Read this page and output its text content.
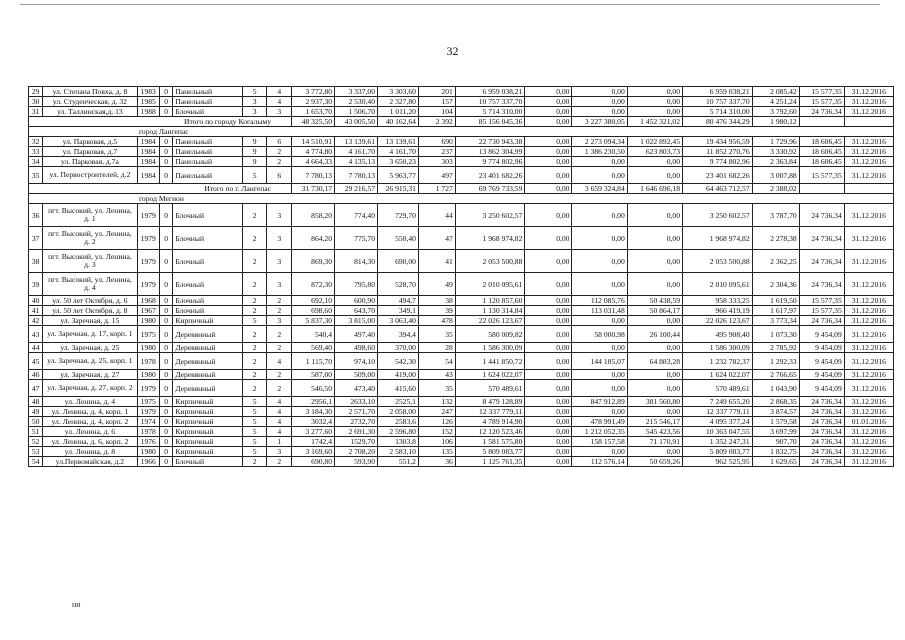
32
29	ул. Степана Повха, д. 8	1983	0	Панельный	5	4	3 772,80	3 337,00	3 303,60	201	6 959 038,21	0,00	0,00	0,00	6 959 038,21	2 085,42	15 577,35	31.12.2016
30	ул. Студенческая, д. 32	1985	0	Панельный	3	4	2 937,30	2 530,40	2 327,80	157	10 757 337,70	0,00	0,00	0,00	10 757 337,70	4 251,24	15 577,35	31.12.2016
31	ул. Таллинская,д. 13	1988	0	Блочный	3	3	1 653,70	1 506,70	1 011,20	104	5 714 310,00	0,00	0,00	0,00	5 714 310,00	3 792,60	24 736,34	31.12.2016
Итого по городу Когалыму							48 325,50	43 005,50	40 162,64	2 392	85 156 045,36	0,00	3 227 380,05	1 452 321,02	80 476 344,29	1 980,12		
город Лангепас																		
32	ул. Парковая, д.5	1984	0	Панельный	9	6	14 510,91	13 139,61	13 139,61	690	22 730 943,38	0,00	2 273 094,34	1 022 892,45	19 434 956,59	1 729,96	18 606,45	31.12.2016
33	ул. Парковая, д.7	1984	0	Панельный	9	2	4 774,80	4 161,70	4 161,70	237	13 862 304,99	0,00	1 386 230,50	623 803,73	11 852 270,76	3 330,92	18 606,45	31.12.2016
34	ул. Парковая, д.7а	1984	0	Панельный	9	2	4 664,33	4 135,13	3 650,23	303	9 774 802,96	0,00	0,00	0,00	9 774 802,96	2 363,84	18 606,45	31.12.2016
35	ул. Первостроителей, д.2	1984	0	Панельный	5	6	7 780,13	7 780,13	5 963,77	497	23 401 682,26	0,00	0,00	0,00	23 401 682,26	3 007,88	15 577,35	31.12.2016
Итого по г. Лангепас							31 730,17	29 216,57	26 915,31	1 727	69 769 733,59	0,00	3 659 324,84	1 646 696,18	64 463 712,57	2 388,02		
город Мегион																		
36	пгт. Высокий, ул. Ленина, д. 1	1979	0	Блочный	2	3	858,20	774,40	729,70	44	3 250 602,57	0,00	0,00	0,00	3 250 602,57	3 787,70	24 736,34	31.12.2016
37	пгт. Высокий, ул. Ленина, д. 2	1979	0	Блочный	2	3	864,20	775,70	550,40	47	1 968 974,82	0,00	0,00	0,00	1 968 974,82	2 278,38	24 736,34	31.12.2016
38	пгт. Высокий, ул. Ленина, д. 3	1979	0	Блочный	2	3	869,30	814,30	690,00	41	2 053 500,88	0,00	0,00	0,00	2 053 500,88	2 362,25	24 736,34	31.12.2016
39	пгт. Высокий, ул. Ленина, д. 4	1979	0	Блочный	2	3	872,30	795,80	528,70	49	2 010 095,61	0,00	0,00	0,00	2 010 095,61	2 304,36	24 736,34	31.12.2016
40	ул. 50 лет Октября, д. 6	1968	0	Блочный	2	2	692,10	600,90	494,7	38	1 120 857,60	0,00	112 085,76	50 438,59	958 333,25	1 619,50	15 577,35	31.12.2016
41	ул. 50 лет Октября, д. 8	1967	0	Блочный	2	2	698,60	643,70	349,1	39	1 130 314,84	0,00	113 031,48	50 864,17	966 419,19	1 617,97	15 577,35	31.12.2016
42	ул. Заречная, д. 15	1980	0	Кирпичный	5	3	5 837,30	3 815,00	3 063,40	478	22 026 123,67	0,00	0,00	0,00	22 026 123,67	3 773,34	24 736,34	31.12.2016
43	ул. Заречная, д. 17, корп. 1	1975	0	Деревянный	2	2	540,4	497,40	394,4	35	580 009,82	0,00	58 000,98	26 100,44	495 908,40	1 073,30	9 454,09	31.12.2016
44	ул. Заречная, д. 25	1980	0	Деревянный	2	2	569,40	498,60	370,00	28	1 586 300,09	0,00	0,00	0,00	1 586 300,09	2 785,92	9 454,09	31.12.2016
45	ул. Заречная, д. 25, корп. 1	1978	0	Деревянный	2	4	1 115,70	974,10	542,30	54	1 441 850,72	0,00	144 185,07	64 883,28	1 232 782,37	1 292,33	9 454,09	31.12.2016
46	ул. Заречная, д. 27	1980	0	Деревянный	2	2	587,00	509,00	419,00	43	1 624 022,07	0,00	0,00	0,00	1 624 022,07	2 766,65	9 454,09	31.12.2016
47	ул. Заречная, д. 27, корп. 2	1979	0	Деревянный	2	2	546,50	473,40	415,60	35	570 489,61	0,00	0,00	0,00	570 489,61	1 043,90	9 454,09	31.12.2016
48	ул. Ленина, д. 4	1975	0	Кирпичный	5	4	2956,1	2633,10	2525,1	132	8 479 128,89	0,00	847 912,89	381 560,80	7 249 655,20	2 868,35	24 736,34	31.12.2016
49	ул. Ленина, д. 4, корп. 1	1979	0	Кирпичный	5	4	3 184,30	2 571,70	2 058,00	247	12 337 779,11	0,00	0,00	0,00	12 337 779,11	3 874,57	24 736,34	31.12.2016
50	ул. Ленина, д. 4, корп. 2	1974	0	Кирпичный	5	4	3032,4	2732,70	2583,6	126	4 789 914,90	0,00	478 991,49	215 546,17	4 095 377,24	1 579,58	24 736,34	01.01.2016
51	ул. Ленина, д. 6	1978	0	Кирпичный	5	4	3 277,60	2 691,30	2 596,80	152	12 120 523,46	0,00	1 212 052,35	545 423,56	10 363 047,55	3 697,99	24 736,34	31.12.2016
52	ул. Ленина, д. 6, корп. 2	1976	0	Кирпичный	5	1	1742,4	1529,70	1303,8	106	1 581 575,80	0,00	158 157,58	71 170,91	1 352 247,31	907,70	24 736,34	31.12.2016
53	ул. Ленина, д. 8	1980	0	Кирпичный	5	3	3 169,60	2 708,20	2 583,10	135	5 809 083,77	0,00	0,00	0,00	5 809 083,77	1 832,75	24 736,34	31.12.2016
54	ул.Первомайская, д.2	1966	0	Блочный	2	2	690,80	593,90	551,2	36	1 125 761,35	0,00	112 576,14	50 659,26	962 525,95	1 629,65	24 736,34	31.12.2016
ни
